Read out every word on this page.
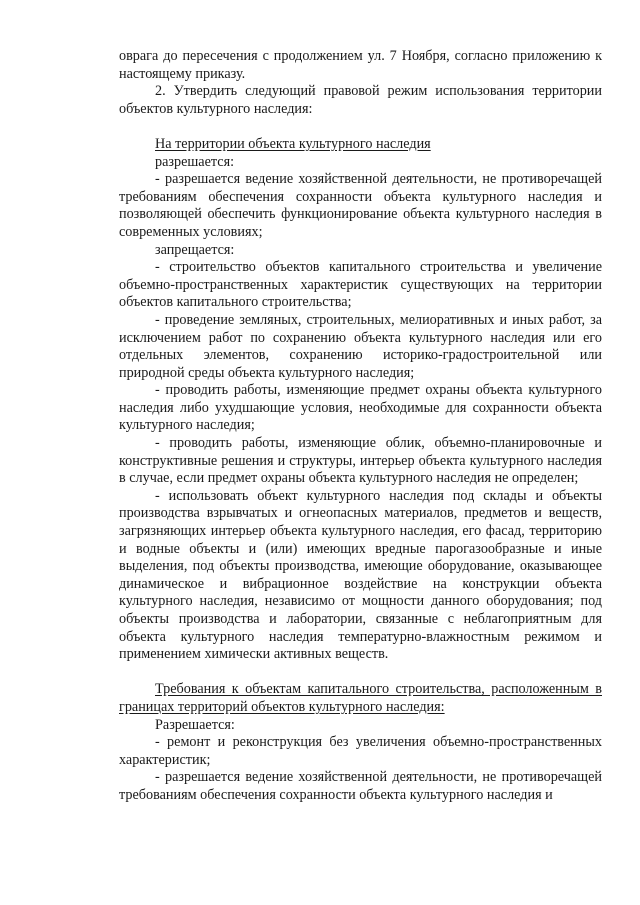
оврага до пересечения с продолжением ул. 7 Ноября, согласно приложению к настоящему приказу.

2. Утвердить следующий правовой режим использования территории объектов культурного наследия:

На территории объекта культурного наследия

разрешается:

- разрешается ведение хозяйственной деятельности, не противоречащей требованиям обеспечения сохранности объекта культурного наследия и позволяющей обеспечить функционирование объекта культурного наследия в современных условиях;

запрещается:

- строительство объектов капитального строительства и увеличение объемно-пространственных характеристик существующих на территории объектов капитального строительства;

- проведение земляных, строительных, мелиоративных и иных работ, за исключением работ по сохранению объекта культурного наследия или его отдельных элементов, сохранению историко-градостроительной или природной среды объекта культурного наследия;

- проводить работы, изменяющие предмет охраны объекта культурного наследия либо ухудшающие условия, необходимые для сохранности объекта культурного наследия;

- проводить работы, изменяющие облик, объемно-планировочные и конструктивные решения и структуры, интерьер объекта культурного наследия в случае, если предмет охраны объекта культурного наследия не определен;

- использовать объект культурного наследия под склады и объекты производства взрывчатых и огнеопасных материалов, предметов и веществ, загрязняющих интерьер объекта культурного наследия, его фасад, территорию и водные объекты и (или) имеющих вредные парогазообразные и иные выделения, под объекты производства, имеющие оборудование, оказывающее динамическое и вибрационное воздействие на конструкции объекта культурного наследия, независимо от мощности данного оборудования; под объекты производства и лаборатории, связанные с неблагоприятным для объекта культурного наследия температурно-влажностным режимом и применением химически активных веществ.

Требования к объектам капитального строительства, расположенным в границах территорий объектов культурного наследия:

Разрешается:

- ремонт и реконструкция без увеличения объемно-пространственных характеристик;

- разрешается ведение хозяйственной деятельности, не противоречащей требованиям обеспечения сохранности объекта культурного наследия и
